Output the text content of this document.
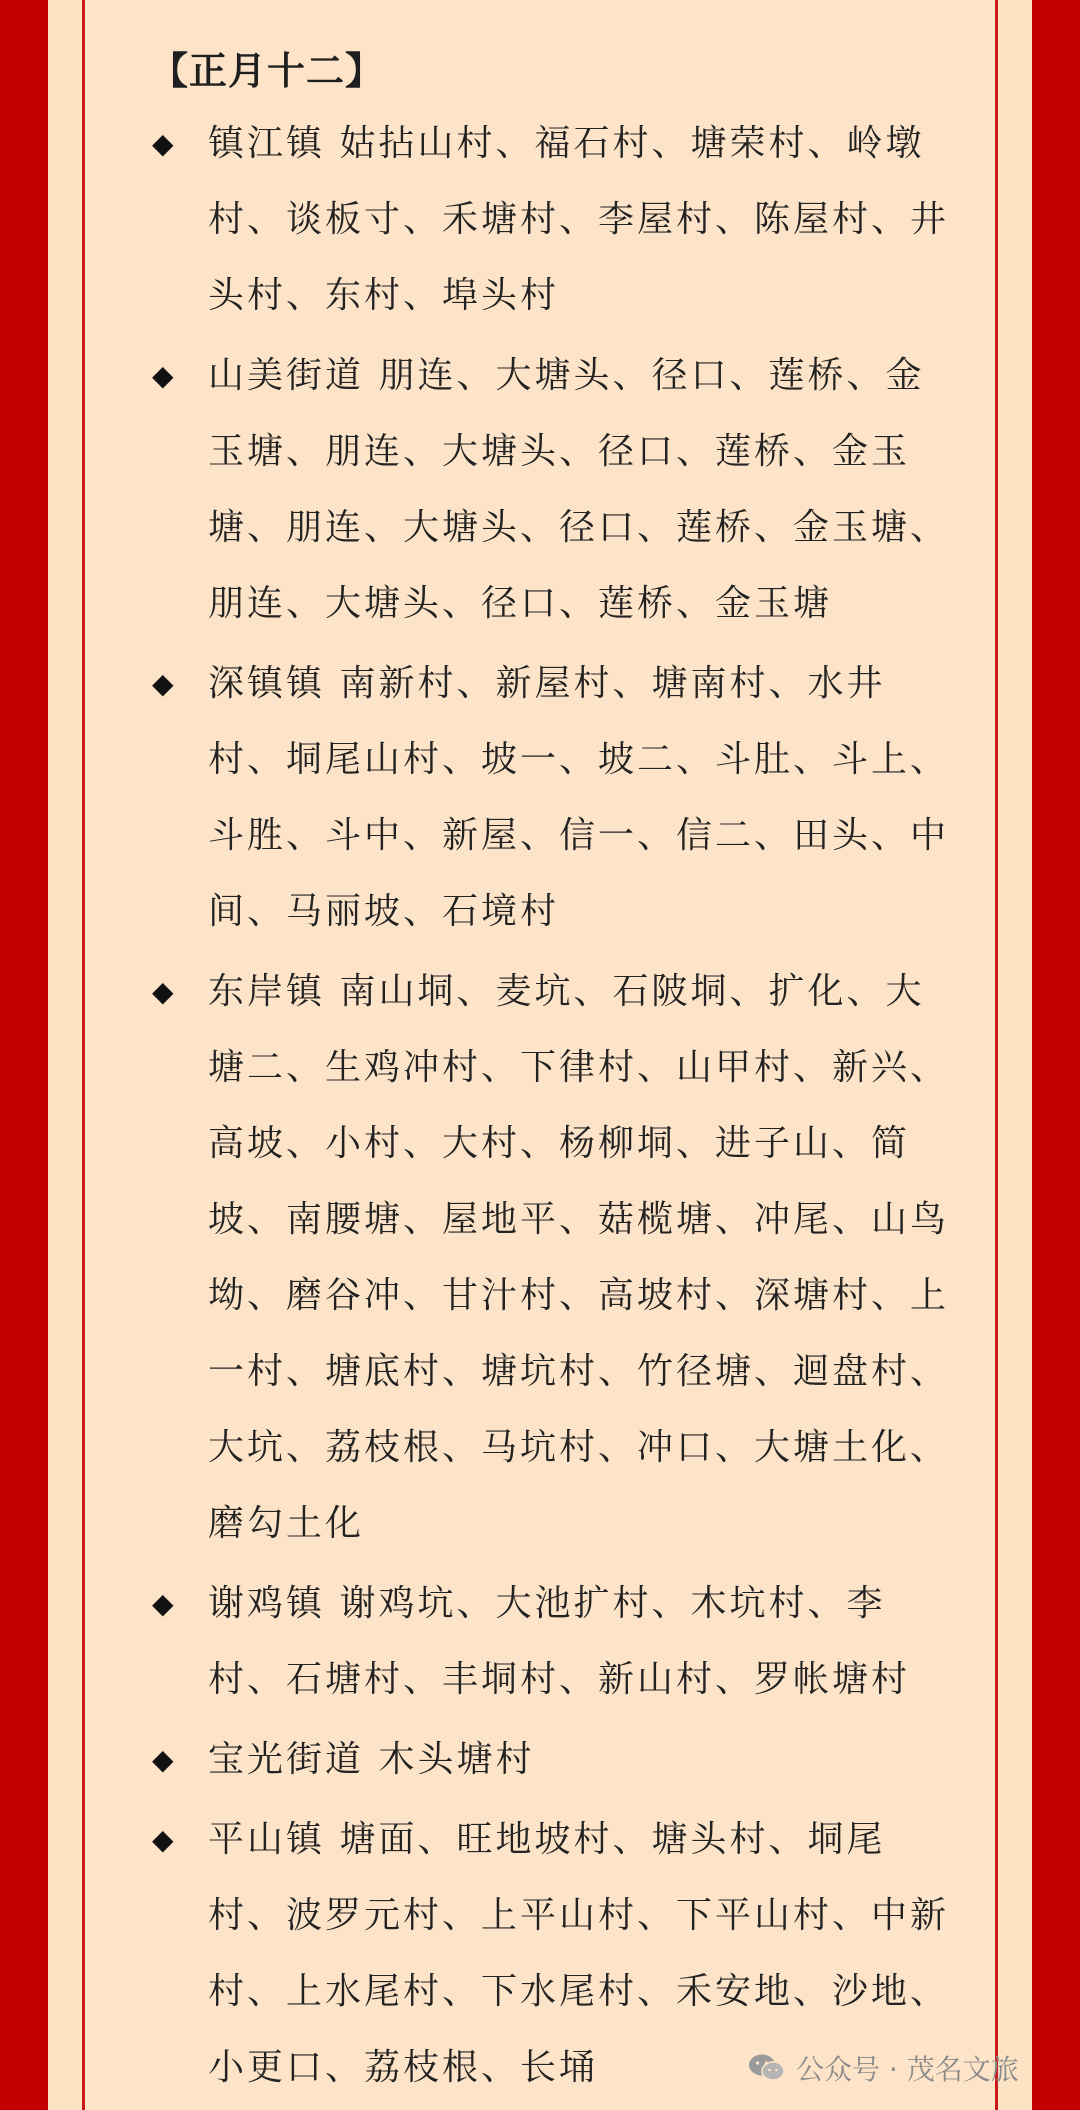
【正月十二】
◆ 镇江镇 姑拈山村、福石村、塘荣村、岭墩村、谈板寸、禾塘村、李屋村、陈屋村、井头村、东村、埠头村
◆ 山美街道 朋连、大塘头、径口、莲桥、金玉塘、朋连、大塘头、径口、莲桥、金玉塘、朋连、大塘头、径口、莲桥、金玉塘、朋连、大塘头、径口、莲桥、金玉塘
◆ 深镇镇 南新村、新屋村、塘南村、水井村、垌尾山村、坡一、坡二、斗肚、斗上、斗胜、斗中、新屋、信一、信二、田头、中间、马丽坡、石境村
◆ 东岸镇 南山垌、麦坑、石陂垌、扩化、大塘二、生鸡冲村、下律村、山甲村、新兴、高坡、小村、大村、杨柳垌、进子山、简坡、南腰塘、屋地平、菇榄塘、冲尾、山鸟坳、磨谷冲、甘汁村、高坡村、深塘村、上一村、塘底村、塘坑村、竹径塘、迴盘村、大坑、荔枝根、马坑村、冲口、大塘土化、磨勾土化
◆ 谢鸡镇 谢鸡坑、大池扩村、木坑村、李村、石塘村、丰垌村、新山村、罗帐塘村
◆ 宝光街道 木头塘村
◆ 平山镇 塘面、旺地坡村、塘头村、垌尾村、波罗元村、上平山村、下平山村、中新村、上水尾村、下水尾村、禾安地、沙地、小更口、荔枝根、长埇	公众号 · 茂名文旅
